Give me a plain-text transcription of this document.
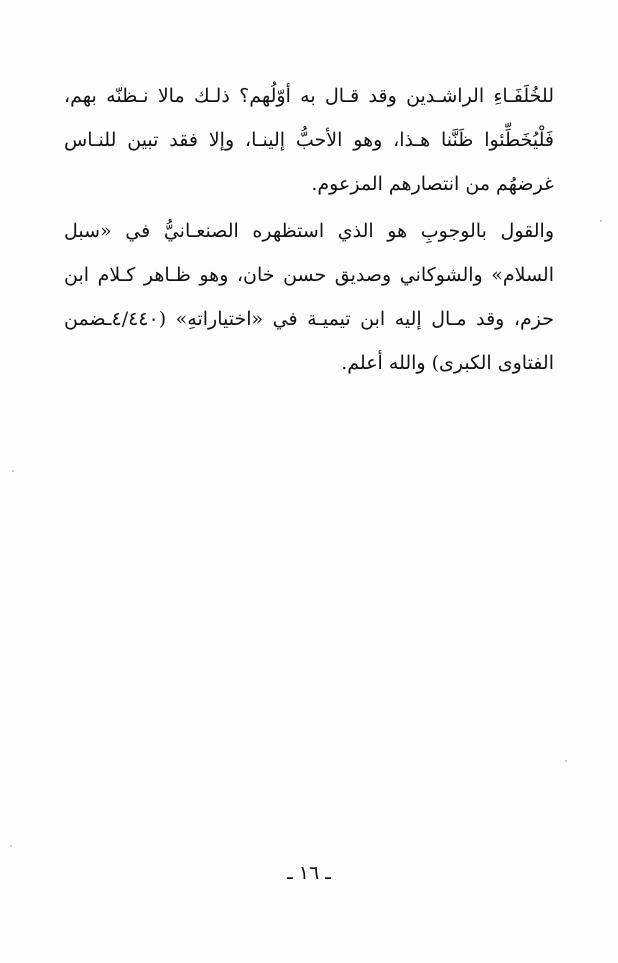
للخُلَفَـاءِ الراشـدين وقد قـال به أوّلُهم؟ ذلـك مالا نـظنّه بهم،
فَلْيُخَطِّئوا ظَنَّنا هـذا، وهو الأحبُّ إلينـا، وإلا فقد تبين للنـاس
غرضهُم من انتصارهم المزعوم.
والقول بالوجوبِ هو الذي استظهره الصنعـانيُّ في «سبل
السلام» والشوكاني وصديق حسن خان، وهو ظـاهر كـلام ابن
حزم، وقد مـال إليه ابن تيميـة في «اختياراتهِ» (٤/٤٤٠ـضمن
الفتاوى الكبرى) والله أعلم.
ـ ١٦ ـ
